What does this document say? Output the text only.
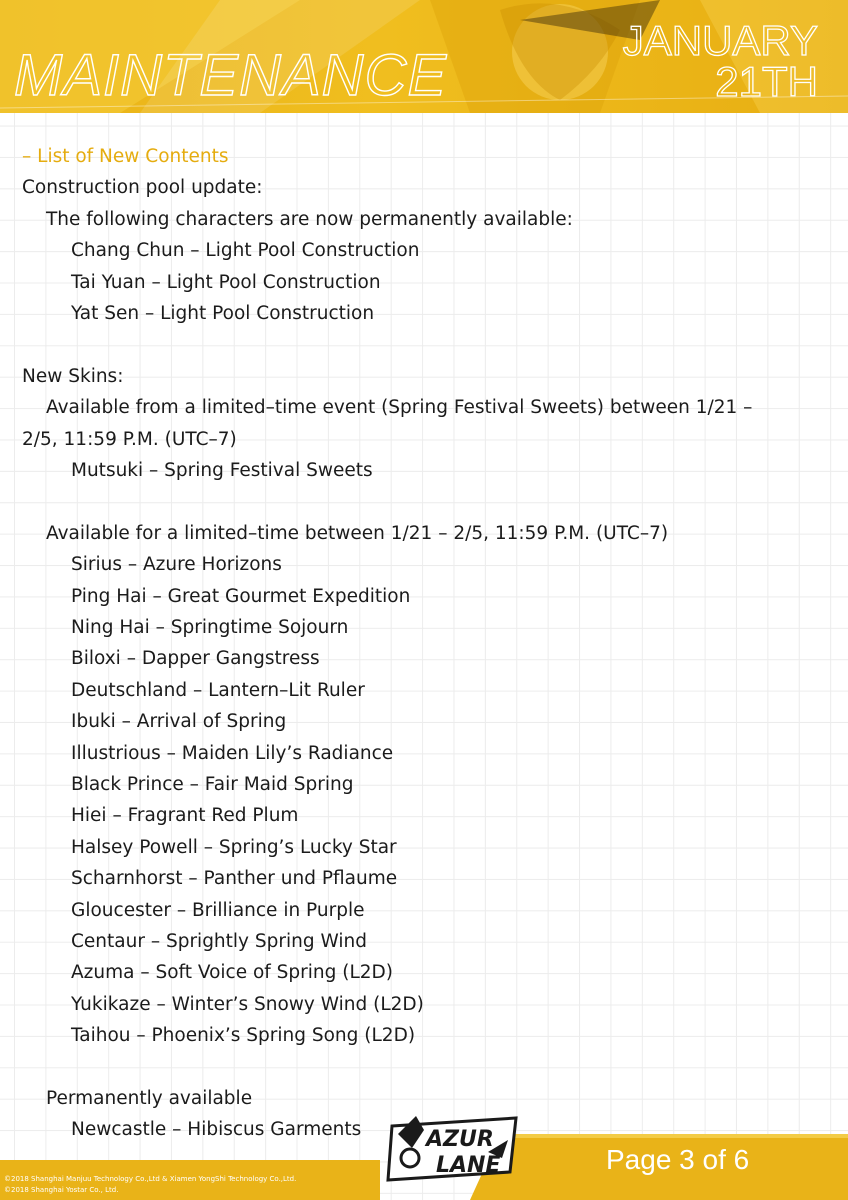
MAINTENANCE
JANUARY
21TH
– List of New Contents
Construction pool update:
The following characters are now permanently available:
Chang Chun – Light Pool Construction
Tai Yuan – Light Pool Construction
Yat Sen – Light Pool Construction
New Skins:
Available from a limited–time event (Spring Festival Sweets) between 1/21 –
2/5, 11:59 P.M. (UTC–7)
Mutsuki – Spring Festival Sweets
Available for a limited–time between 1/21 – 2/5, 11:59 P.M. (UTC–7)
Sirius – Azure Horizons
Ping Hai – Great Gourmet Expedition
Ning Hai – Springtime Sojourn
Biloxi – Dapper Gangstress
Deutschland – Lantern–Lit Ruler
Ibuki – Arrival of Spring
Illustrious – Maiden Lily’s Radiance
Black Prince – Fair Maid Spring
Hiei – Fragrant Red Plum
Halsey Powell – Spring’s Lucky Star
Scharnhorst – Panther und Pflaume
Gloucester – Brilliance in Purple
Centaur – Sprightly Spring Wind
Azuma – Soft Voice of Spring (L2D)
Yukikaze – Winter’s Snowy Wind (L2D)
Taihou – Phoenix’s Spring Song (L2D)
Permanently available
Newcastle – Hibiscus Garments	AZUR
LANE	Page 3 of 6
©2018 Shanghai Manjuu Technology Co.,Ltd & Xiamen YongShi Technology Co.,Ltd.
©2018 Shanghai Yostar Co., Ltd.
